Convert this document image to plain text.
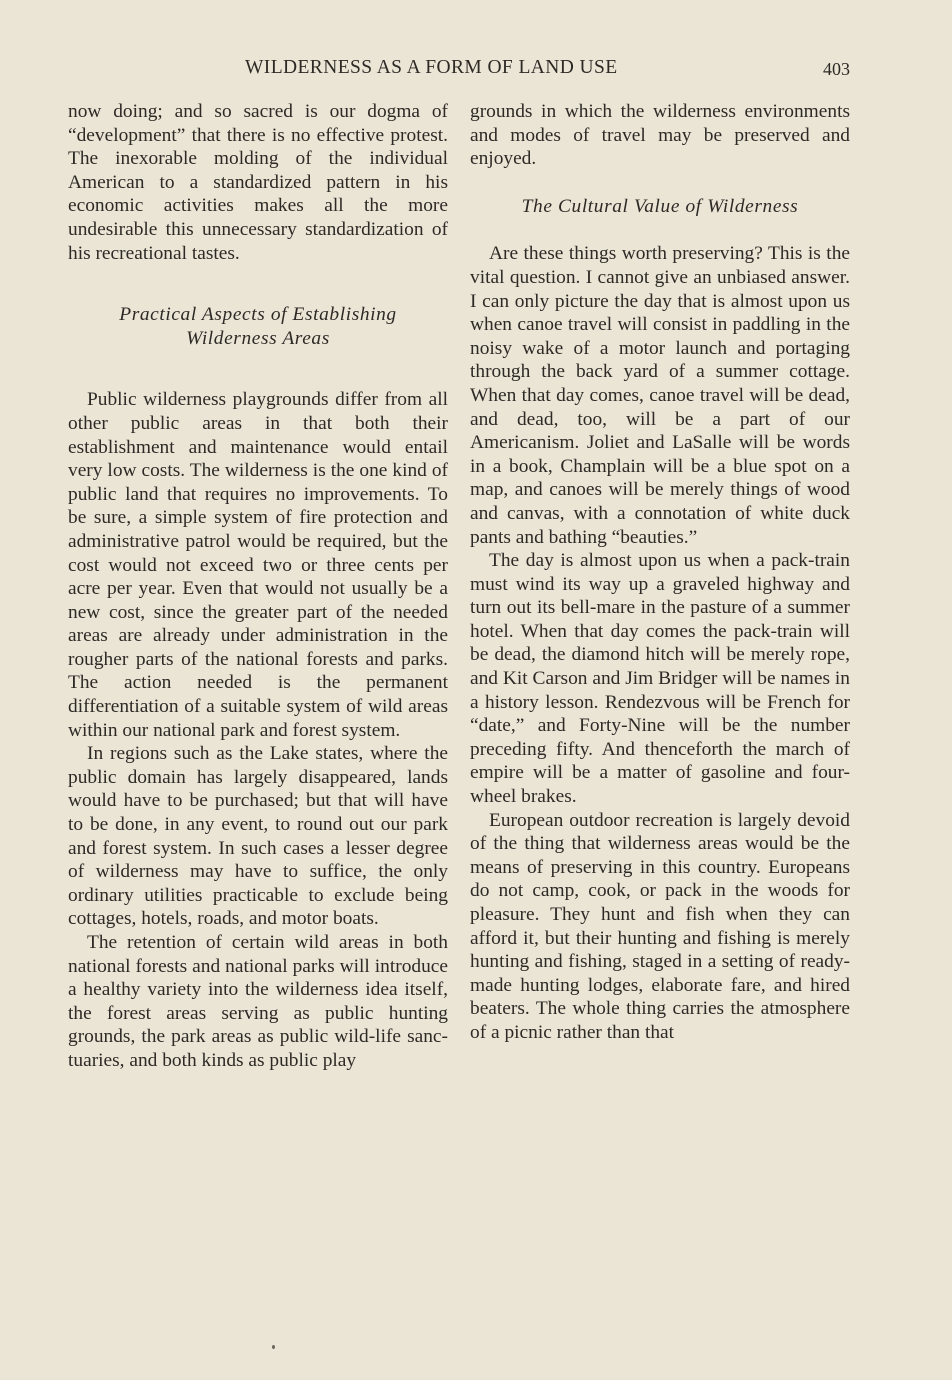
WILDERNESS AS A FORM OF LAND USE	403

now doing; and so sacred is our dogma of “development” that there is no effective protest. The inexorable molding of the individual American to a standardized pattern in his economic activities makes all the more undesirable this unnecessary standardization of his recreational tastes.

Practical Aspects of Establishing
Wilderness Areas

Public wilderness playgrounds differ from all other public areas in that both their establishment and maintenance would entail very low costs. The wilderness is the one kind of public land that requires no improvements. To be sure, a simple system of fire protection and administrative patrol would be required, but the cost would not exceed two or three cents per acre per year. Even that would not usually be a new cost, since the greater part of the needed areas are already under administration in the rougher parts of the national forests and parks. The action needed is the permanent differentiation of a suitable system of wild areas within our national park and forest system.

In regions such as the Lake states, where the public domain has largely disappeared, lands would have to be purchased; but that will have to be done, in any event, to round out our park and forest system. In such cases a lesser degree of wilderness may have to suffice, the only ordinary utilities practicable to exclude being cottages, hotels, roads, and motor boats.

The retention of certain wild areas in both national forests and national parks will introduce a healthy variety into the wilderness idea itself, the forest areas serving as public hunting grounds, the park areas as public wild-life sanctuaries, and both kinds as public play

grounds in which the wilderness environments and modes of travel may be preserved and enjoyed.

The Cultural Value of Wilderness

Are these things worth preserving? This is the vital question. I cannot give an unbiased answer. I can only picture the day that is almost upon us when canoe travel will consist in paddling in the noisy wake of a motor launch and portaging through the back yard of a summer cottage. When that day comes, canoe travel will be dead, and dead, too, will be a part of our Americanism. Joliet and LaSalle will be words in a book, Champlain will be a blue spot on a map, and canoes will be merely things of wood and canvas, with a connotation of white duck pants and bathing “beauties.”

The day is almost upon us when a pack-train must wind its way up a graveled highway and turn out its bell-mare in the pasture of a summer hotel. When that day comes the pack-train will be dead, the diamond hitch will be merely rope, and Kit Carson and Jim Bridger will be names in a history lesson. Rendezvous will be French for “date,” and Forty-Nine will be the number preceding fifty. And thenceforth the march of empire will be a matter of gasoline and four-wheel brakes.

European outdoor recreation is largely devoid of the thing that wilderness areas would be the means of preserving in this country. Europeans do not camp, cook, or pack in the woods for pleasure. They hunt and fish when they can afford it, but their hunting and fishing is merely hunting and fishing, staged in a setting of ready-made hunting lodges, elaborate fare, and hired beaters. The whole thing carries the atmosphere of a picnic rather than that
